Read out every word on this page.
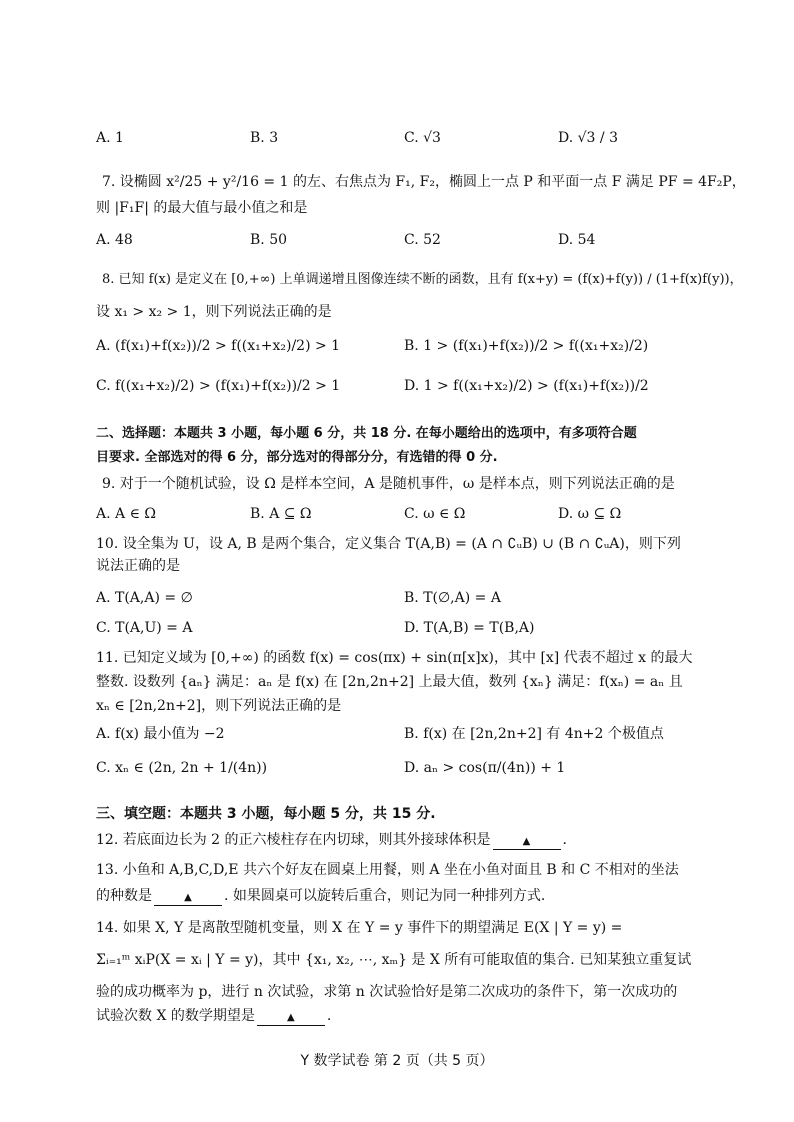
A. 1	B. 3	C. √3	D. √3 / 3
7. 设椭圆 x²/25 + y²/16 = 1 的左、右焦点为 F₁, F₂，椭圆上一点 P 和平面一点 F 满足 PF = 4F₂P，
则 |F₁F| 的最大值与最小值之和是
A. 48	B. 50	C. 52	D. 54
8. 已知 f(x) 是定义在 [0,+∞) 上单调递增且图像连续不断的函数，且有 f(x+y) = (f(x)+f(y)) / (1+f(x)f(y))，
设 x₁ > x₂ > 1，则下列说法正确的是
A. (f(x₁)+f(x₂))/2 > f((x₁+x₂)/2) > 1	B. 1 > (f(x₁)+f(x₂))/2 > f((x₁+x₂)/2)
C. f((x₁+x₂)/2) > (f(x₁)+f(x₂))/2 > 1	D. 1 > f((x₁+x₂)/2) > (f(x₁)+f(x₂))/2
二、选择题：本题共 3 小题，每小题 6 分，共 18 分. 在每小题给出的选项中，有多项符合题
目要求. 全部选对的得 6 分，部分选对的得部分分，有选错的得 0 分.
9. 对于一个随机试验，设 Ω 是样本空间，A 是随机事件，ω 是样本点，则下列说法正确的是
A. A ∈ Ω	B. A ⊆ Ω	C. ω ∈ Ω	D. ω ⊆ Ω
10. 设全集为 U，设 A, B 是两个集合，定义集合 T(A,B) = (A ∩ ∁ᵤB) ∪ (B ∩ ∁ᵤA)，则下列
说法正确的是
A. T(A,A) = ∅	B. T(∅,A) = A
C. T(A,U) = A	D. T(A,B) = T(B,A)
11. 已知定义域为 [0,+∞) 的函数 f(x) = cos(πx) + sin(π[x]x)，其中 [x] 代表不超过 x 的最大
整数. 设数列 {aₙ} 满足：aₙ 是 f(x) 在 [2n,2n+2] 上最大值，数列 {xₙ} 满足：f(xₙ) = aₙ 且
xₙ ∈ [2n,2n+2]，则下列说法正确的是
A. f(x) 最小值为 −2	B. f(x) 在 [2n,2n+2] 有 4n+2 个极值点
C. xₙ ∈ (2n, 2n + 1/(4n))	D. aₙ > cos(π/(4n)) + 1
三、填空题：本题共 3 小题，每小题 5 分，共 15 分.
12. 若底面边长为 2 的正六棱柱存在内切球，则其外接球体积是	▲ .
13. 小鱼和 A,B,C,D,E 共六个好友在圆桌上用餐，则 A 坐在小鱼对面且 B 和 C 不相对的坐法
的种数是	▲ . 如果圆桌可以旋转后重合，则记为同一种排列方式.
14. 如果 X, Y 是离散型随机变量，则 X 在 Y = y 事件下的期望满足 E(X | Y = y) =
Σᵢ₌₁ᵐ xᵢP(X = xᵢ | Y = y)，其中 {x₁, x₂, ⋯, xₘ} 是 X 所有可能取值的集合. 已知某独立重复试
验的成功概率为 p，进行 n 次试验，求第 n 次试验恰好是第二次成功的条件下，第一次成功的
试验次数 X 的数学期望是	▲ .
Y 数学试卷 第 2 页（共 5 页）
